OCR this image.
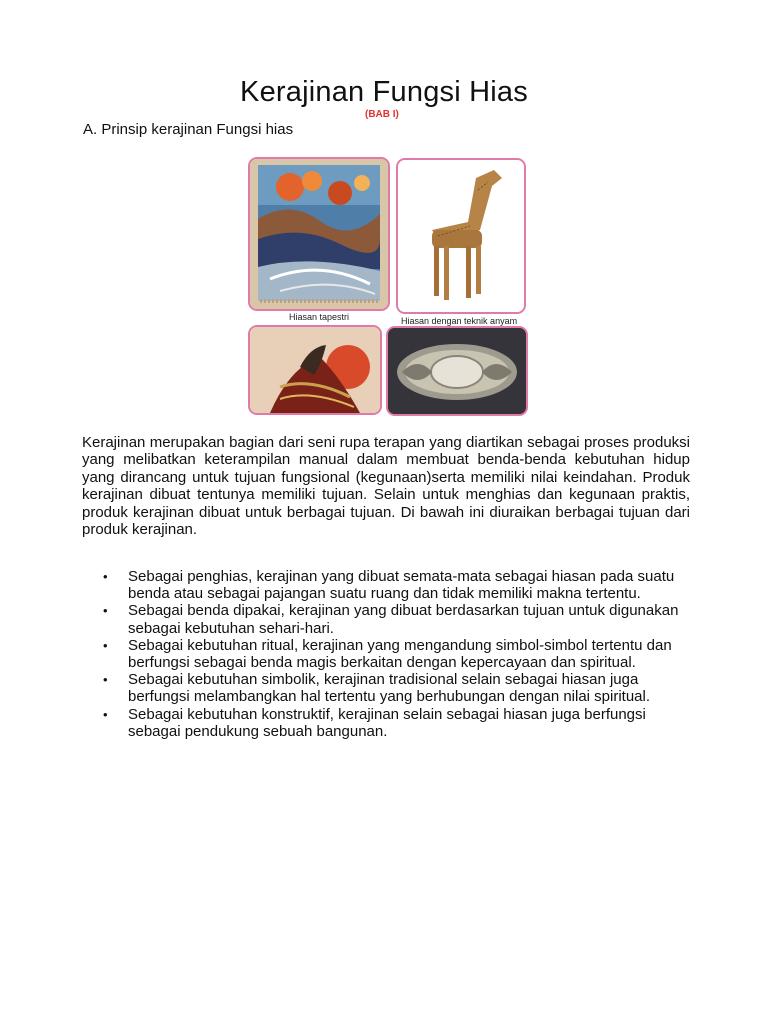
Kerajinan Fungsi Hias
(BAB I)
A. Prinsip kerajinan Fungsi hias
Hiasan tapestri	Hiasan dengan teknik anyam

Kerajinan merupakan bagian dari seni rupa terapan yang diartikan sebagai proses produksi yang melibatkan keterampilan manual dalam membuat benda-benda kebutuhan hidup yang dirancang untuk tujuan fungsional (kegunaan)serta memiliki nilai keindahan. Produk kerajinan dibuat tentunya memiliki tujuan. Selain untuk menghias dan kegunaan praktis, produk kerajinan dibuat untuk berbagai tujuan. Di bawah ini diuraikan berbagai tujuan dari produk kerajinan.

• Sebagai penghias, kerajinan yang dibuat semata-mata sebagai hiasan pada suatu benda atau sebagai pajangan suatu ruang dan tidak memiliki makna tertentu.
• Sebagai benda dipakai, kerajinan yang dibuat berdasarkan tujuan untuk digunakan sebagai kebutuhan sehari-hari.
• Sebagai kebutuhan ritual, kerajinan yang mengandung simbol-simbol tertentu dan berfungsi sebagai benda magis berkaitan dengan kepercayaan dan spiritual.
• Sebagai kebutuhan simbolik, kerajinan tradisional selain sebagai hiasan juga berfungsi melambangkan hal tertentu yang berhubungan dengan nilai spiritual.
• Sebagai kebutuhan konstruktif, kerajinan selain sebagai hiasan juga berfungsi sebagai pendukung sebuah bangunan.
